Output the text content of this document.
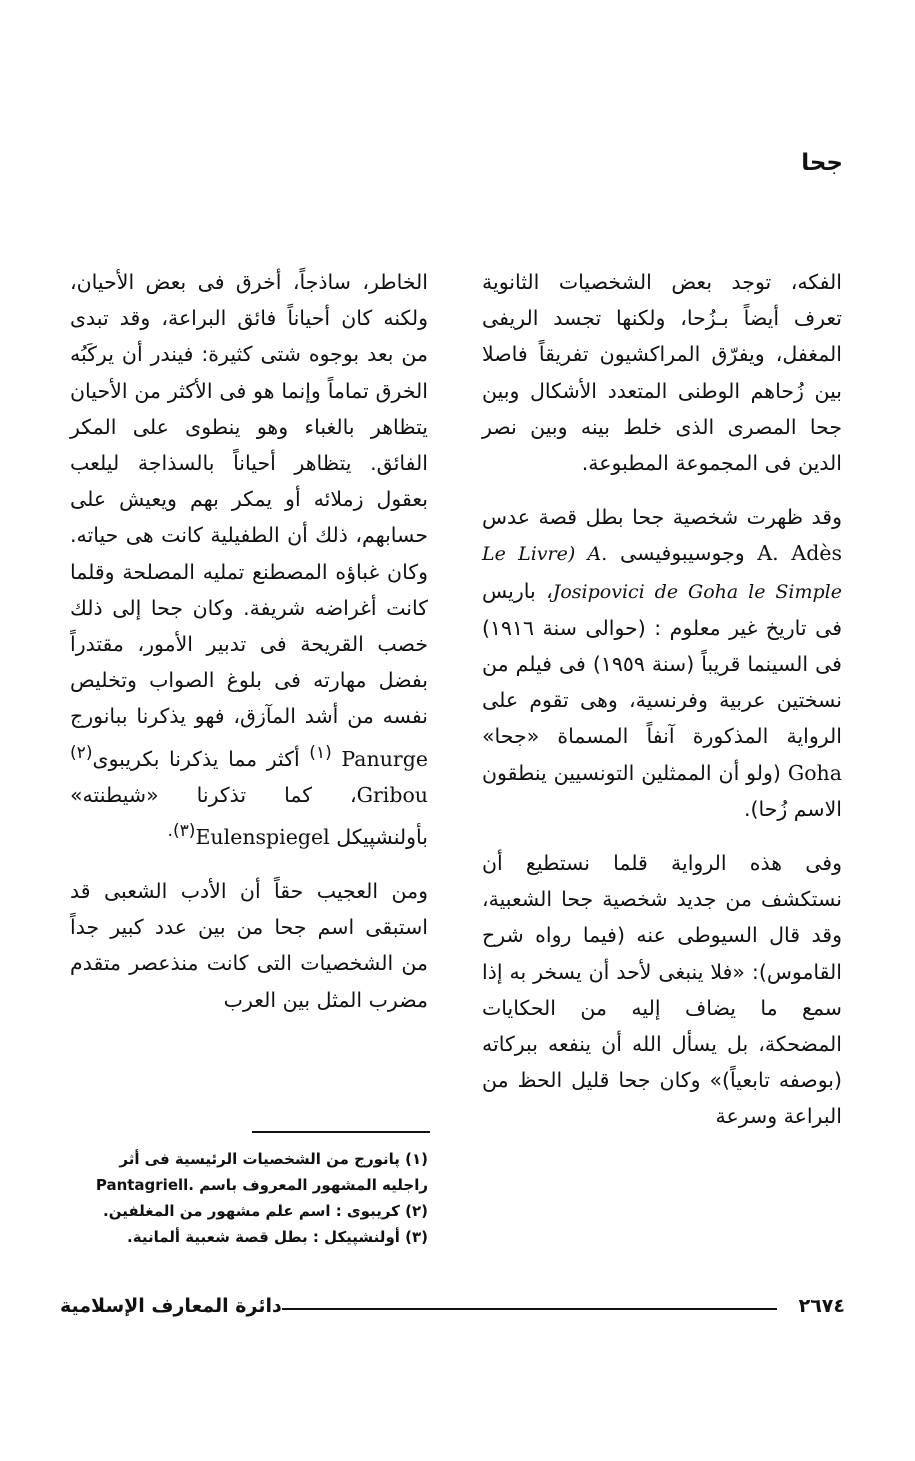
جحا

الفكه، توجد بعض الشخصيات الثانوية تعرف أيضاً بـزُحا، ولكنها تجسد الريفى المغفل، ويفرّق المراكشيون تفريقاً فاصلا بين زُحاهم الوطنى المتعدد الأشكال وبين جحا المصرى الذى خلط بينه وبين نصر الدين فى المجموعة المطبوعة.

وقد ظهرت شخصية جحا بطل قصة عدس A. Adès وجوسيبوفيسى Le Livre) A. Josipovici de Goha le Simple، باريس فى تاريخ غير معلوم : (حوالى سنة ١٩١٦) فى السينما قريباً (سنة ١٩٥٩) فى فيلم من نسختين عربية وفرنسية، وهى تقوم على الرواية المذكورة آنفاً المسماة «جحا» Goha (ولو أن الممثلين التونسيين ينطقون الاسم زُحا).

وفى هذه الرواية قلما نستطيع أن نستكشف من جديد شخصية جحا الشعبية، وقد قال السيوطى عنه (فيما رواه شرح القاموس): «فلا ينبغى لأحد أن يسخر به إذا سمع ما يضاف إليه من الحكايات المضحكة، بل يسأل الله أن ينفعه ببركاته (بوصفه تابعياً)» وكان جحا قليل الحظ من البراعة وسرعة

الخاطر، ساذجاً، أخرق فى بعض الأحيان، ولكنه كان أحياناً فائق البراعة، وقد تبدى من بعد بوجوه شتى كثيرة: فيندر أن يركَبُه الخرق تماماً وإنما هو فى الأكثر من الأحيان يتظاهر بالغباء وهو ينطوى على المكر الفائق. يتظاهر أحياناً بالسذاجة ليلعب بعقول زملائه أو يمكر بهم ويعيش على حسابهم، ذلك أن الطفيلية كانت هى حياته. وكان غباؤه المصطنع تمليه المصلحة وقلما كانت أغراضه شريفة. وكان جحا إلى ذلك خصب القريحة فى تدبير الأمور، مقتدراً بفضل مهارته فى بلوغ الصواب وتخليص نفسه من أشد المآزق، فهو يذكرنا ببانورج Panurge $^{(١)}$ أكثر مما يذكرنا بكريبوى$^{(٢)}$ Gribou، كما تذكرنا «شيطنته» بأولنشپيكل Eulenspiegel$^{(٣).}$

ومن العجيب حقاً أن الأدب الشعبى قد استبقى اسم جحا من بين عدد كبير جداً من الشخصيات التى كانت منذعصر متقدم مضرب المثل بين العرب

(١) پانورج من الشخصيات الرئيسية فى أثر راجليه المشهور المعروف باسم .Pantagriell
(٢) كريبوى : اسم علم مشهور من المغلفين.
(٣) أولنشپيكل : بطل قصة شعبية ألمانية.
دائرة المعارف الإسلامية	٢٦٧٤
